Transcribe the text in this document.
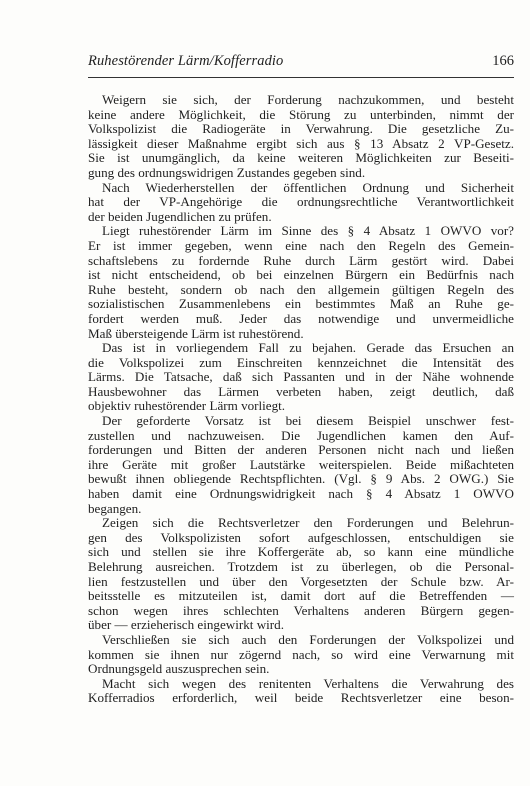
Ruhestörender Lärm/Kofferradio	166
Weigern sie sich, der Forderung nachzukommen, und besteht
keine andere Möglichkeit, die Störung zu unterbinden, nimmt der
Volkspolizist die Radiogeräte in Verwahrung. Die gesetzliche Zu-
lässigkeit dieser Maßnahme ergibt sich aus § 13 Absatz 2 VP-Gesetz.
Sie ist unumgänglich, da keine weiteren Möglichkeiten zur Beseiti-
gung des ordnungswidrigen Zustandes gegeben sind.
Nach Wiederherstellen der öffentlichen Ordnung und Sicherheit
hat der VP-Angehörige die ordnungsrechtliche Verantwortlichkeit
der beiden Jugendlichen zu prüfen.
Liegt ruhestörender Lärm im Sinne des § 4 Absatz 1 OWVO vor?
Er ist immer gegeben, wenn eine nach den Regeln des Gemein-
schaftslebens zu fordernde Ruhe durch Lärm gestört wird. Dabei
ist nicht entscheidend, ob bei einzelnen Bürgern ein Bedürfnis nach
Ruhe besteht, sondern ob nach den allgemein gültigen Regeln des
sozialistischen Zusammenlebens ein bestimmtes Maß an Ruhe ge-
fordert werden muß. Jeder das notwendige und unvermeidliche
Maß übersteigende Lärm ist ruhestörend.
Das ist in vorliegendem Fall zu bejahen. Gerade das Ersuchen an
die Volkspolizei zum Einschreiten kennzeichnet die Intensität des
Lärms. Die Tatsache, daß sich Passanten und in der Nähe wohnende
Hausbewohner das Lärmen verbeten haben, zeigt deutlich, daß
objektiv ruhestörender Lärm vorliegt.
Der geforderte Vorsatz ist bei diesem Beispiel unschwer fest-
zustellen und nachzuweisen. Die Jugendlichen kamen den Auf-
forderungen und Bitten der anderen Personen nicht nach und ließen
ihre Geräte mit großer Lautstärke weiterspielen. Beide mißachteten
bewußt ihnen obliegende Rechtspflichten. (Vgl. § 9 Abs. 2 OWG.) Sie
haben damit eine Ordnungswidrigkeit nach § 4 Absatz 1 OWVO
begangen.
Zeigen sich die Rechtsverletzer den Forderungen und Belehrun-
gen des Volkspolizisten sofort aufgeschlossen, entschuldigen sie
sich und stellen sie ihre Koffergeräte ab, so kann eine mündliche
Belehrung ausreichen. Trotzdem ist zu überlegen, ob die Personal-
lien festzustellen und über den Vorgesetzten der Schule bzw. Ar-
beitsstelle es mitzuteilen ist, damit dort auf die Betreffenden —
schon wegen ihres schlechten Verhaltens anderen Bürgern gegen-
über — erzieherisch eingewirkt wird.
Verschließen sie sich auch den Forderungen der Volkspolizei und
kommen sie ihnen nur zögernd nach, so wird eine Verwarnung mit
Ordnungsgeld auszusprechen sein.
Macht sich wegen des renitenten Verhaltens die Verwahrung des
Kofferradios erforderlich, weil beide Rechtsverletzer eine beson-
